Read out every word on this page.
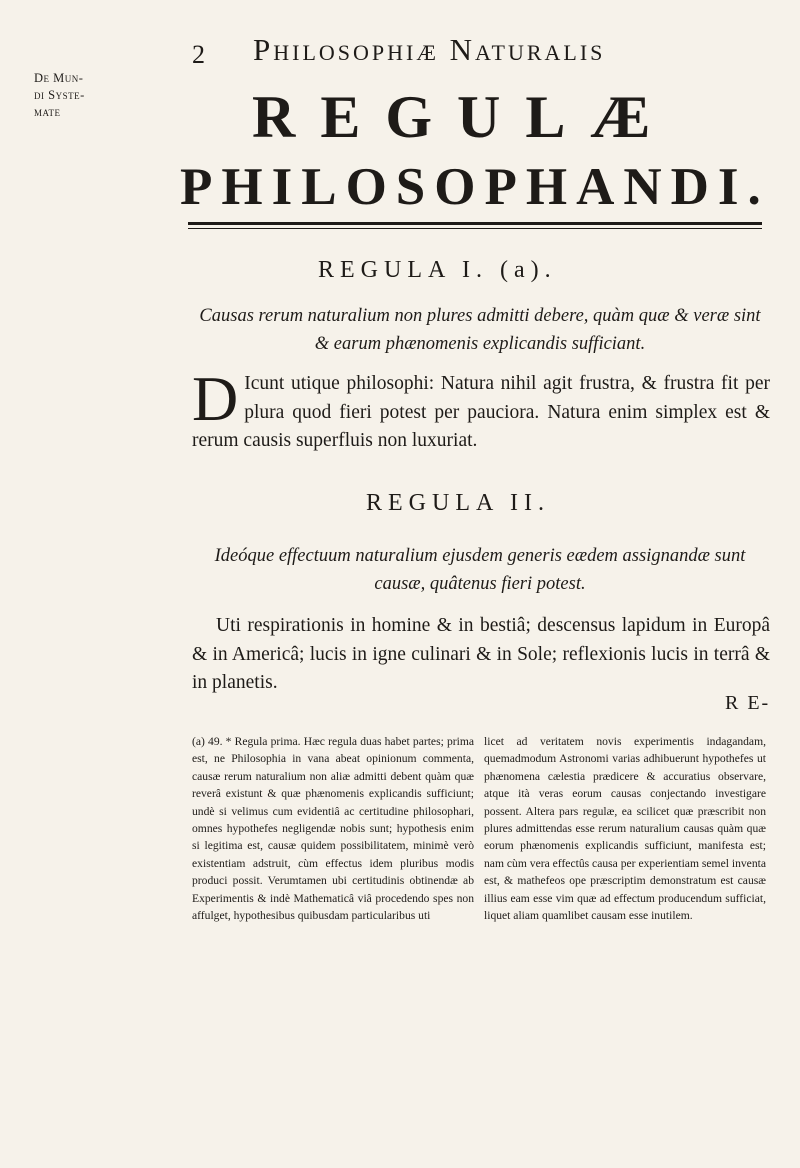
2 Philosophiæ Naturalis
De Mun-
di Syste-
mate	REGULÆ
PHILOSOPHANDI.
REGULA I. (a).
Causas rerum naturalium non plures admitti debere, quàm quæ & veræ sint & earum phænomenis explicandis sufficiant.
D Icunt utique philosophi: Natura nihil agit frustra, & frustra fit per plura quod fieri potest per pauciora. Natura enim simplex est & rerum causis superfluis non luxuriat.
REGULA II.
Ideóque effectuum naturalium ejusdem generis eædem assignandæ sunt causæ, quâtenus fieri potest.
Uti respirationis in homine & in bestiâ; descensus lapidum in Europâ & in Americâ; lucis in igne culinari & in Sole; reflexionis lucis in terrâ & in planetis.
R E-
(a) 49. * Regula prima. Hæc regula duas habet partes; prima est, ne Philosophia in vana abeat opinionum commenta, causæ rerum naturalium non aliæ admitti debent quàm quæ reverâ existunt & quæ phænomenis explicandis sufficiunt; undè si velimus cum evidentiâ ac certitudine philosophari, omnes hypothefes negligendæ nobis sunt; hypothesis enim si legitima est, causæ quidem possibilitatem, minimè verò existentiam adstruit, cùm effectus idem pluribus modis produci possit. Verumtamen ubi certitudinis obtinendæ ab Experimentis & indè Mathematicâ viâ procedendo spes non affulget, hypothesibus quibusdam particularibus uti
licet ad veritatem novis experimentis indagandam, quemadmodum Astronomi varias adhibuerunt hypothefes ut phænomena cælestia prædicere & accuratius observare, atque ità veras eorum causas conjectando investigare possent. Altera pars regulæ, ea scilicet quæ præscribit non plures admittendas esse rerum naturalium causas quàm quæ eorum phænomenis explicandis sufficiunt, manifesta est; nam cùm vera effectûs causa per experientiam semel inventa est, & mathefeos ope præscriptim demonstratum est causæ illius eam esse vim quæ ad effectum producendum sufficiat, liquet aliam quamlibet causam esse inutilem.
